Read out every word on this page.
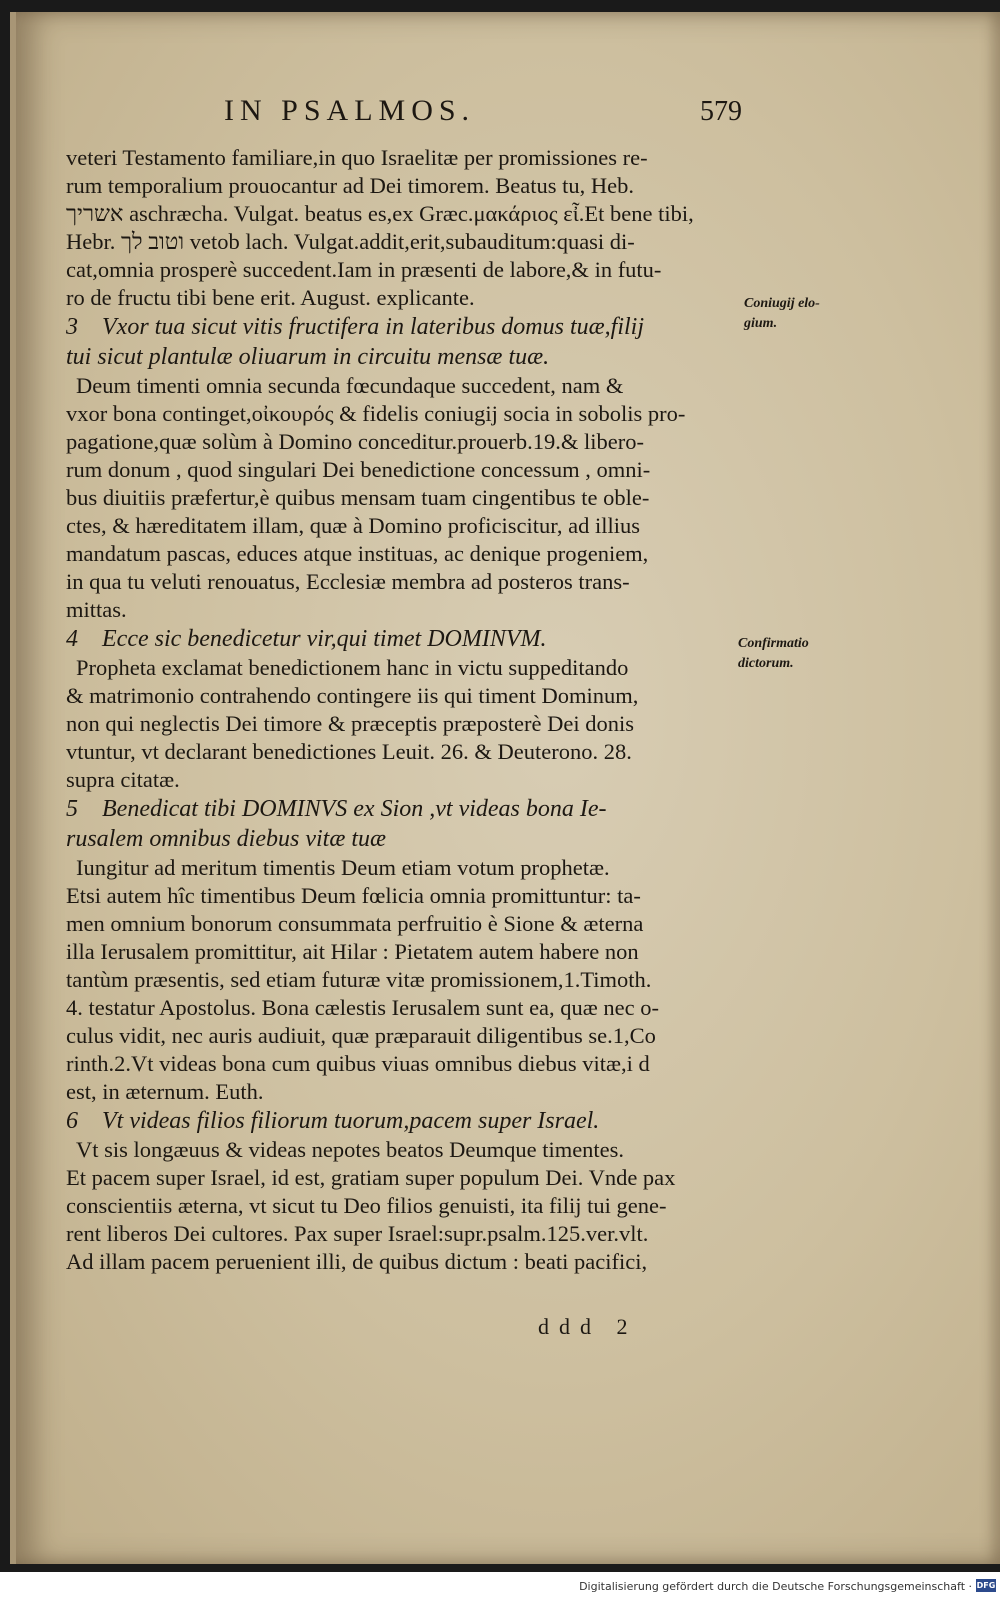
IN PSALMOS.	579
veteri Testamento familiare,in quo Israelitæ per promissiones re-
rum temporalium prouocantur ad Dei timorem. Beatus tu, Heb.
אשריך aschræcha. Vulgat. beatus es,ex Græc.μακάριος εἶ.Et bene tibi,
Hebr. וטוב לך vetob lach. Vulgat.addit,erit,subauditum:quasi di-
cat,omnia prosperè succedent.Iam in præsenti de labore,& in futu-
ro de fructu tibi bene erit. August. explicante.
3 Vxor tua sicut vitis fructifera in lateribus domus tuæ,filij
tui sicut plantulæ oliuarum in circuitu mensæ tuæ.
Deum timenti omnia secunda fœcundaque succedent, nam &
vxor bona continget,οἰκουρός & fidelis coniugij socia in sobolis pro-
pagatione,quæ solùm à Domino conceditur.prouerb.19.& libero-
rum donum , quod singulari Dei benedictione concessum , omni-
bus diuitiis præfertur,è quibus mensam tuam cingentibus te oble-
ctes, & hæreditatem illam, quæ à Domino proficiscitur, ad illius
mandatum pascas, educes atque instituas, ac denique progeniem,
in qua tu veluti renouatus, Ecclesiæ membra ad posteros trans-
mittas.
4 Ecce sic benedicetur vir,qui timet DOMINVM.
Propheta exclamat benedictionem hanc in victu suppeditando
& matrimonio contrahendo contingere iis qui timent Dominum,
non qui neglectis Dei timore & præceptis præposterè Dei donis
vtuntur, vt declarant benedictiones Leuit. 26. & Deuterono. 28.
supra citatæ.
5 Benedicat tibi DOMINVS ex Sion ,vt videas bona Ie-
rusalem omnibus diebus vitæ tuæ
Iungitur ad meritum timentis Deum etiam votum prophetæ.
Etsi autem hîc timentibus Deum fœlicia omnia promittuntur: ta-
men omnium bonorum consummata perfruitio è Sione & æterna
illa Ierusalem promittitur, ait Hilar : Pietatem autem habere non
tantùm præsentis, sed etiam futuræ vitæ promissionem,1.Timoth.
4. testatur Apostolus. Bona cælestis Ierusalem sunt ea, quæ nec o-
culus vidit, nec auris audiuit, quæ præparauit diligentibus se.1,Co
rinth.2.Vt videas bona cum quibus viuas omnibus diebus vitæ,i d
est, in æternum. Euth.
6 Vt videas filios filiorum tuorum,pacem super Israel.
Vt sis longæuus & videas nepotes beatos Deumque timentes.
Et pacem super Israel, id est, gratiam super populum Dei. Vnde pax
conscientiis æterna, vt sicut tu Deo filios genuisti, ita filij tui gene-
rent liberos Dei cultores. Pax super Israel:supr.psalm.125.ver.vlt.
Ad illam pacem peruenient illi, de quibus dictum : beati pacifici,
Coniugij elo-
gium.
Confirmatio
dictorum.
ddd 2
Digitalisierung gefördert durch die Deutsche Forschungsgemeinschaft · DFG
